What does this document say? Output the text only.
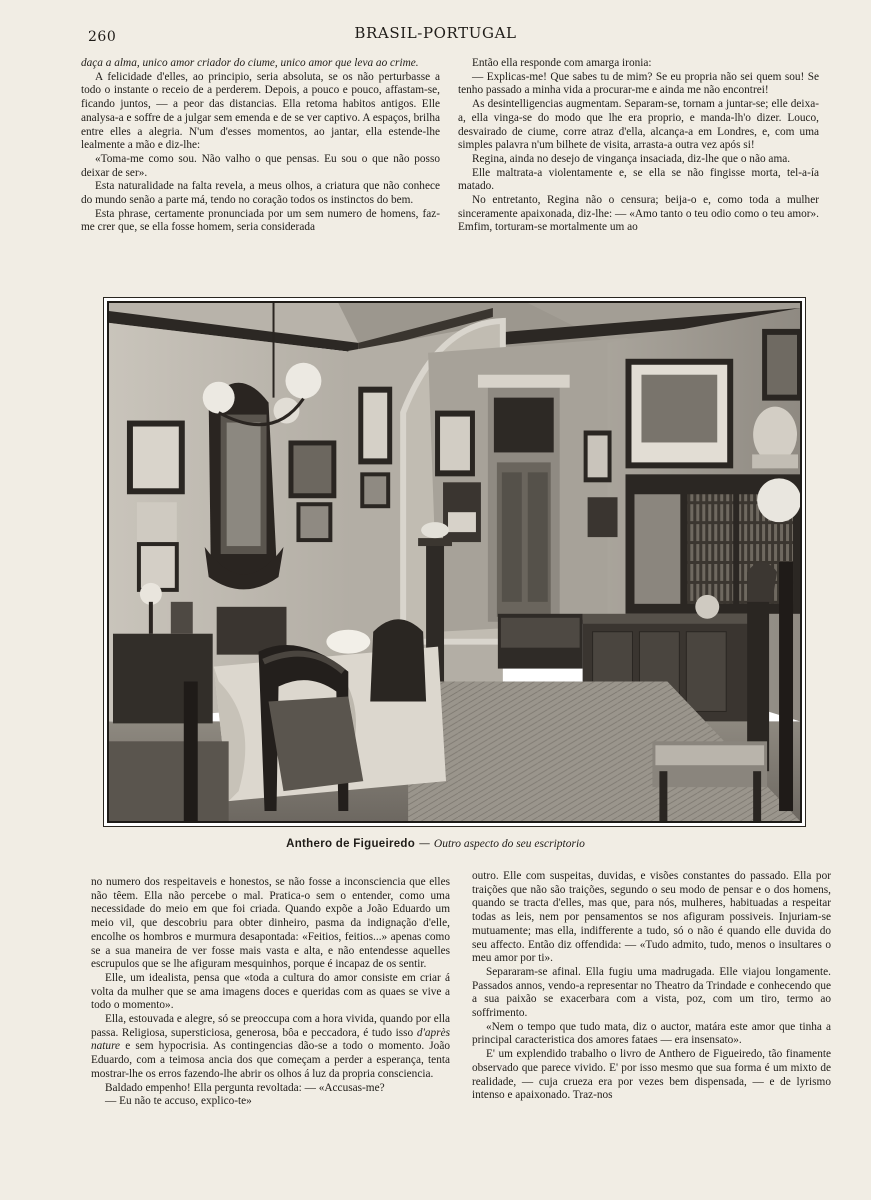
260	BRASIL-PORTUGAL

daça a alma, unico amor criador do ciume, unico amor que leva ao crime.

A felicidade d'elles, ao principio, seria absoluta, se os não perturbasse a todo o instante o receio de a perderem. Depois, a pouco e pouco, affastam-se, ficando juntos, — a peor das distancias. Ella retoma habitos antigos. Elle analysa-a e soffre de a julgar sem emenda e de se ver captivo. A espaços, brilha entre elles a alegria. N'um d'esses momentos, ao jantar, ella estende-lhe lealmente a mão e diz-lhe:

«Toma-me como sou. Não valho o que pensas. Eu sou o que não posso deixar de ser».

Esta naturalidade na falta revela, a meus olhos, a criatura que não conhece do mundo senão a parte má, tendo no coração todos os instinctos do bem.

Esta phrase, certamente pronunciada por um sem numero de homens, faz-me crer que, se ella fosse homem, seria considerada

Então ella responde com amarga ironia:

— Explicas-me! Que sabes tu de mim? Se eu propria não sei quem sou! Se tenho passado a minha vida a procurar-me e ainda me não encontrei!

As desintelligencias augmentam. Separam-se, tornam a juntar-se; elle deixa-a, ella vinga-se do modo que lhe era proprio, e manda-lh'o dizer. Louco, desvairado de ciume, corre atraz d'ella, alcança-a em Londres, e, com uma simples palavra n'um bilhete de visita, arrasta-a outra vez após si!

Regina, ainda no desejo de vingança insaciada, diz-lhe que o não ama.

Elle maltrata-a violentamente e, se ella se não fingisse morta, tel-a-ía matado.

No entretanto, Regina não o censura; beija-o e, como toda a mulher sinceramente apaixonada, diz-lhe: — «Amo tanto o teu odio como o teu amor». Emfim, torturam-se mortalmente um ao

Anthero de Figueiredo — Outro aspecto do seu escriptorio

no numero dos respeitaveis e honestos, se não fosse a inconsciencia que elles não têem. Ella não percebe o mal. Pratica-o sem o entender, como uma necessidade do meio em que foi criada. Quando expõe a João Eduardo um meio vil, que descobriu para obter dinheiro, pasma da indignação d'elle, encolhe os hombros e murmura desapontada: «Feitios, feitios...» apenas como se a sua maneira de ver fosse mais vasta e alta, e não entendesse aquelles escrupulos que se lhe afiguram mesquinhos, porque é incapaz de os sentir.

Elle, um idealista, pensa que «toda a cultura do amor consiste em criar á volta da mulher que se ama imagens doces e queridas com as quaes se vive a todo o momento».

Ella, estouvada e alegre, só se preoccupa com a hora vivida, quando por ella passa. Religiosa, supersticiosa, generosa, bôa e peccadora, é tudo isso d'après nature e sem hypocrisia. As contingencias dão-se a todo o momento. João Eduardo, com a teimosa ancia dos que começam a perder a esperança, tenta mostrar-lhe os erros fazendo-lhe abrir os olhos á luz da propria consciencia.

Baldado empenho! Ella pergunta revoltada: — «Accusas-me?

— Eu não te accuso, explico-te»

outro. Elle com suspeitas, duvidas, e visões constantes do passado. Ella por traições que não são traições, segundo o seu modo de pensar e o dos homens, quando se tracta d'elles, mas que, para nós, mulheres, habituadas a respeitar todas as leis, nem por pensamentos se nos afiguram possiveis. Injuriam-se mutuamente; mas ella, indifferente a tudo, só o não é quando elle duvida do seu affecto. Então diz offendida: — «Tudo admito, tudo, menos o insultares o meu amor por ti».

Separaram-se afinal. Ella fugiu uma madrugada. Elle viajou longamente. Passados annos, vendo-a representar no Theatro da Trindade e conhecendo que a sua paixão se exacerbara com a vista, poz, com um tiro, termo ao soffrimento.

«Nem o tempo que tudo mata, diz o auctor, matára este amor que tinha a principal caracteristica dos amores fataes — era insensato».

E' um explendido trabalho o livro de Anthero de Figueiredo, tão finamente observado que parece vivido. E' por isso mesmo que sua forma é um mixto de realidade, — cuja crueza era por vezes bem dispensada, — e de lyrismo intenso e apaixonado. Traz-nos
